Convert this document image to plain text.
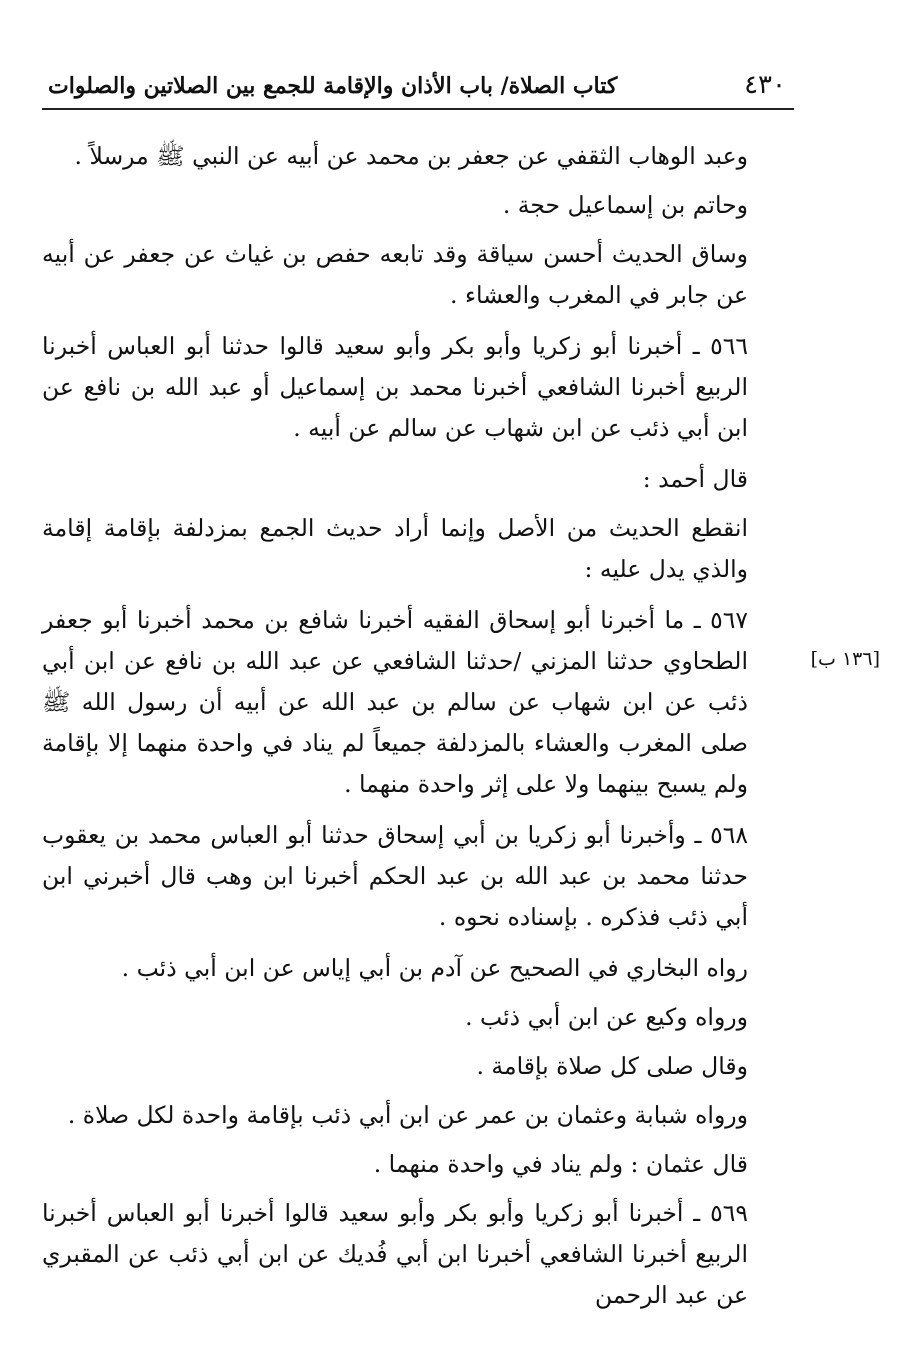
٤٣٠
كتاب الصلاة/ باب الأذان والإقامة للجمع بين الصلاتين والصلوات
[١٣٦ ب]

وعبد الوهاب الثقفي عن جعفر بن محمد عن أبيه عن النبي ﷺ مرسلاً .

وحاتم بن إسماعيل حجة .

وساق الحديث أحسن سياقة وقد تابعه حفص بن غياث عن جعفر عن أبيه عن جابر في المغرب والعشاء .

٥٦٦ ـ أخبرنا أبو زكريا وأبو بكر وأبو سعيد قالوا حدثنا أبو العباس أخبرنا الربيع أخبرنا الشافعي أخبرنا محمد بن إسماعيل أو عبد الله بن نافع عن ابن أبي ذئب عن ابن شهاب عن سالم عن أبيه .

قال أحمد :

انقطع الحديث من الأصل وإنما أراد حديث الجمع بمزدلفة بإقامة إقامة والذي يدل عليه :

٥٦٧ ـ ما أخبرنا أبو إسحاق الفقيه أخبرنا شافع بن محمد أخبرنا أبو جعفر الطحاوي حدثنا المزني /حدثنا الشافعي عن عبد الله بن نافع عن ابن أبي ذئب عن ابن شهاب عن سالم بن عبد الله عن أبيه أن رسول الله ﷺ صلى المغرب والعشاء بالمزدلفة جميعاً لم يناد في واحدة منهما إلا بإقامة ولم يسبح بينهما ولا على إثر واحدة منهما .

٥٦٨ ـ وأخبرنا أبو زكريا بن أبي إسحاق حدثنا أبو العباس محمد بن يعقوب حدثنا محمد بن عبد الله بن عبد الحكم أخبرنا ابن وهب قال أخبرني ابن أبي ذئب فذكره . بإسناده نحوه .

رواه البخاري في الصحيح عن آدم بن أبي إياس عن ابن أبي ذئب .

ورواه وكيع عن ابن أبي ذئب .

وقال صلى كل صلاة بإقامة .

ورواه شبابة وعثمان بن عمر عن ابن أبي ذئب بإقامة واحدة لكل صلاة .

قال عثمان : ولم يناد في واحدة منهما .

٥٦٩ ـ أخبرنا أبو زكريا وأبو بكر وأبو سعيد قالوا أخبرنا أبو العباس أخبرنا الربيع أخبرنا الشافعي أخبرنا ابن أبي فُديك عن ابن أبي ذئب عن المقبري عن عبد الرحمن
